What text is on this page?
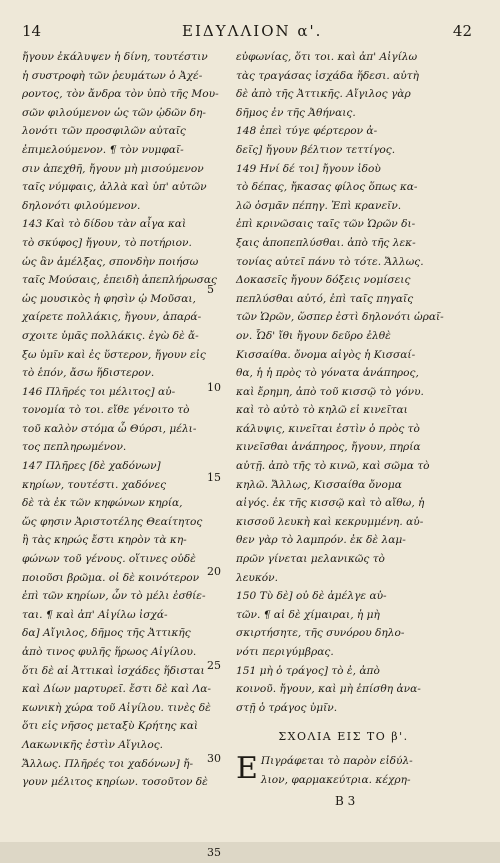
14	ΕΙΔΥΛΛΙΟΝ α'.	42
ἤγουν ἐκάλυψεν ἡ δίνη, τουτέστιν
ἡ συστροφὴ τῶν ῥευμάτων ὁ Ἀχέ-
ροντος, τὸν ἄνδρα τὸν ὑπὸ τῆς Μου-
σῶν φιλούμενον ὡς τῶν ᾠδῶν δη-
λονότι τῶν προσφιλῶν αὐταῖς
ἐπιμελούμενον. ¶ τὸν νυμφαῖ-
σιν ἀπεχθῆ, ἤγουν μὴ μισούμενον
ταῖς νύμφαις, ἀλλὰ καὶ ὑπ' αὐτῶν
δηλονότι φιλούμενον.
143 Καὶ τὸ δίδου τὰν αἶγα καὶ
τὸ σκύφος] ἤγουν, τὸ ποτήριον.
ὡς ἂν ἀμέλξας, σπονδὴν ποιήσω
ταῖς Μούσαις, ἐπειδὴ ἀπεπλήρωσας
ὡς μουσικὸς ἡ φησὶν ᾠ Μοῦσαι,
χαίρετε πολλάκις, ἤγουν, ἀπαρά-
σχοιτε ὑμᾶς πολλάκις. ἐγὼ δὲ ἄ-
ξω ὑμῖν καὶ ἐς ὕστερον, ἤγουν εἰς
τὸ ἑπόν, ἄσω ἥδιστερον.
146 Πλῆρές τοι μέλιτος] αὐ-
τονομία τὸ τοι. εἴθε γένοιτο τὸ
τοῦ καλὸν στόμα ὦ Θύρσι, μέλι-
τος πεπληρωμένον.
147 Πλῆρες [δὲ χαδόνων]
κηρίων, τουτέστι. χαδόνες
δὲ τὰ ἐκ τῶν κηφώνων κηρία,
ὥς φησιν Ἀριστοτέλης Θεαίτητος
ἢ τὰς κηρώς ἔστι κηρὸν τὰ κη-
φώνων τοῦ γένους. οἵτινες οὐδὲ
ποιοῦσι βρῶμα. οἱ δὲ κοινότερον
ἐπὶ τῶν κηρίων, ὧν τὸ μέλι ἐσθίε-
ται. ¶ καὶ ἀπ' Αἰγίλω ἰσχά-
δα] Αἴγιλος, δῆμος τῆς Ἀττικῆς
ἀπὸ τινος φυλῆς ἥρωος Αἰγίλου.
ὅτι δὲ αἱ Ἀττικαὶ ἰσχάδες ἥδισται
καὶ Δίων μαρτυρεῖ. ἔστι δὲ καὶ Λα-
κωνικὴ χώρα τοῦ Αἰγίλου. τινὲς δὲ
ὅτι εἰς νῆσος μεταξὺ Κρήτης καὶ
Λακωνικῆς ἐστὶν Αἴγιλος.
Ἄλλως. Πλῆρές τοι χαδόνων] ἤ-
γουν μέλιτος κηρίων. τοσοῦτον δὲ
5
10
15
20
25
30
35
εὐφωνίας, ὅτι τοι. καὶ ἀπ' Αἰγίλω
τὰς τραγάσας ἰσχάδα ἥδεσι. αὐτὴ
δὲ ἀπὸ τῆς Ἀττικῆς. Αἴγιλος γὰρ
δῆμος ἐν τῆς Ἀθήναις.
148 ἐπεὶ τύγε φέρτερον ἀ-
δεῖς] ἤγουν βέλτιον τεττίγος.
149 Ηνί δέ τοι] ἤγουν ἰδοὺ
τὸ δέπας, ἤκασας φίλος ὅπως κα-
λῶ ὀσμᾶν πέπηγ. Ἐπὶ κρανεῖν.
ἐπὶ κρινῶσαις ταῖς τῶν Ὡρῶν δι-
ξαις ἀποπεπλύσθαι. ἀπὸ τῆς λεκ-
τονίας αὐτεῖ πάνυ τὸ τότε. Ἄλλως.
Δοκασεῖς ἤγουν δόξεις νομίσεις
πεπλύσθαι αὐτό, ἐπὶ ταῖς πηγαῖς
τῶν Ὡρῶν, ὥσπερ ἐστὶ δηλονότι ὡραῖ-
ον. Ὧδ' ἴθι ἤγουν δεῦρο ἐλθὲ
Κισσαίθα. ὄνομα αἰγὸς ἡ Κισσαί-
θα, ἡ ἡ πρὸς τὸ γόνατα ἀνάπηρος,
καὶ ἔρημη, ἀπὸ τοῦ κισσῷ τὸ γόνυ.
καὶ τὸ αὐτὸ τὸ κηλῶ εἰ κινεῖται
κάλυψις, κινεῖται ἐστὶν ὁ πρὸς τὸ
κινεῖσθαι ἀνάπηρος, ἤγουν, πηρία
αὐτῇ. ἀπὸ τῆς τὸ κινῶ, καὶ σῶμα τὸ
κηλῶ. Ἄλλως, Κισσαίθα ὄνομα
αἰγός. ἐκ τῆς κισσῷ καὶ τὸ αἴθω, ἡ
κισσοῦ λευκὴ καὶ κεκρυμμένη. αὐ-
θεν γὰρ τὸ λαμπρόν. ἐκ δὲ λαμ-
πρῶν γίνεται μελανικῶς τὸ
λευκόν.
150 Τὺ δὲ] οὐ δὲ ἀμέλγε αὐ-
τῶν. ¶ αἱ δὲ χίμαιραι, ἡ μὴ
σκιρτήσητε, τῆς συνόρου δηλο-
νότι περιγύμβρας.
151 μὴ ὁ τράγος] τὸ ἐ, ἀπὸ
κοινοῦ. ἤγουν, καὶ μὴ ἐπίσθη ἀνα-
στῇ ὁ τράγος ὑμῖν.
ΣΧΟΛΙΑ ΕΙΣ ΤΟ β'.
E Πιγράφεται τὸ παρὸν εἰδύλ-
λιον, φαρμακεύτρια. κέχρη-
B 3
